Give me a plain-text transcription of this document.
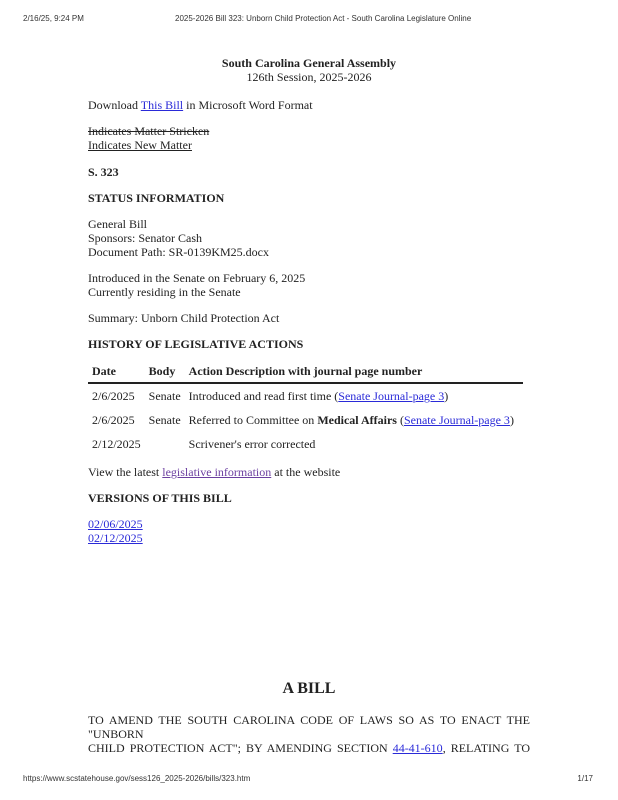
2/16/25, 9:24 PM	2025-2026 Bill 323: Unborn Child Protection Act - South Carolina Legislature Online

South Carolina General Assembly

126th Session, 2025-2026

Download This Bill in Microsoft Word Format

Indicates Matter Stricken

Indicates New Matter

S. 323

STATUS INFORMATION

General Bill

Sponsors: Senator Cash

Document Path: SR-0139KM25.docx

Introduced in the Senate on February 6, 2025

Currently residing in the Senate

Summary: Unborn Child Protection Act

HISTORY OF LEGISLATIVE ACTIONS

Date	Body	Action Description with journal page number
2/6/2025	Senate	Introduced and read first time (Senate Journal-page 3)
2/6/2025	Senate	Referred to Committee on Medical Affairs (Senate Journal-page 3)
2/12/2025		Scrivener's error corrected

View the latest legislative information at the website

VERSIONS OF THIS BILL

02/06/2025

02/12/2025

A BILL

TO AMEND THE SOUTH CAROLINA CODE OF LAWS SO AS TO ENACT THE "UNBORN

CHILD PROTECTION ACT"; BY AMENDING SECTION 44-41-610, RELATING TO

https://www.scstatehouse.gov/sess126_2025-2026/bills/323.htm	1/17
